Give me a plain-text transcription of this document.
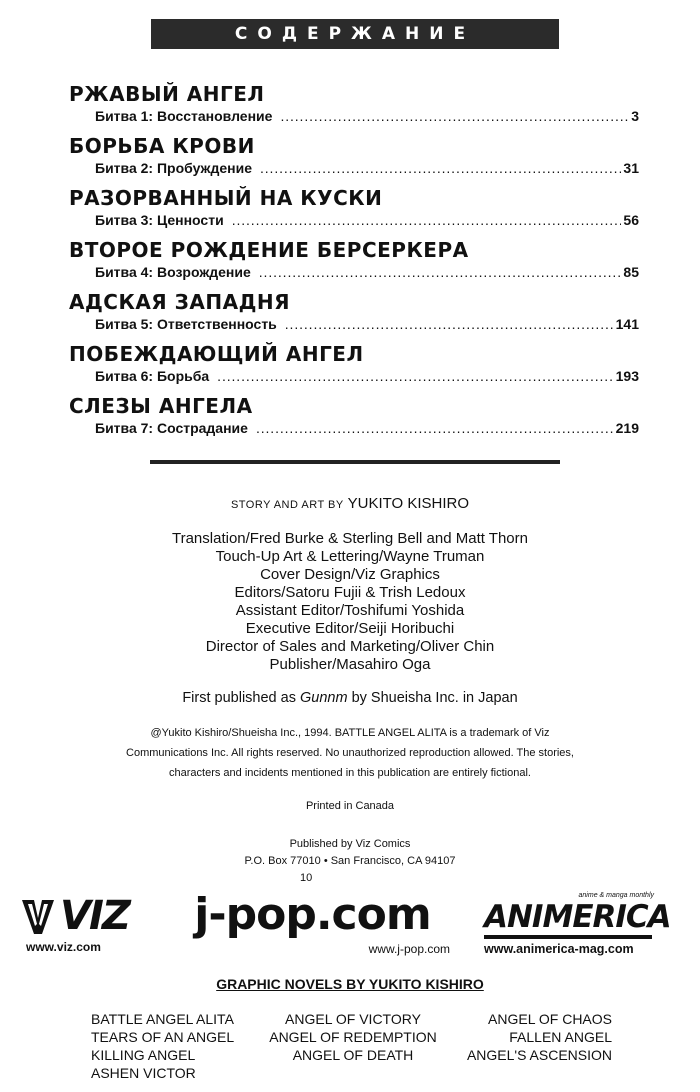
СОДЕРЖАНИЕ
РЖАВЫЙ АНГЕЛ
Битва 1: Восстановление . . .	3
БОРЬБА КРОВИ
Битва 2: Пробуждение . . .	31
РАЗОРВАННЫЙ НА КУСКИ
Битва 3: Ценности . . .	56
ВТОРОЕ РОЖДЕНИЕ БЕРСЕРКЕРА
Битва 4: Возрождение . . .	85
АДСКАЯ ЗАПАДНЯ
Битва 5: Ответственность . . .	141
ПОБЕЖДАЮЩИЙ АНГЕЛ
Битва 6: Борьба . . .	193
СЛЕЗЫ АНГЕЛА
Битва 7: Сострадание . . .	219
STORY AND ART BY YUKITO KISHIRO
Translation/Fred Burke & Sterling Bell and Matt Thorn
Touch-Up Art & Lettering/Wayne Truman
Cover Design/Viz Graphics
Editors/Satoru Fujii & Trish Ledoux
Assistant Editor/Toshifumi Yoshida
Executive Editor/Seiji Horibuchi
Director of Sales and Marketing/Oliver Chin
Publisher/Masahiro Oga
First published as Gunnm by Shueisha Inc. in Japan
@Yukito Kishiro/Shueisha Inc., 1994. BATTLE ANGEL ALITA is a trademark of Viz
Communications Inc. All rights reserved. No unauthorized reproduction allowed. The stories,
characters and incidents mentioned in this publication are entirely fictional.
Printed in Canada
Published by Viz Comics
P.O. Box 77010 • San Francisco, CA 94107
10
VIZ
www.viz.com
j-pop.com
www.j-pop.com
anime & manga monthly
ANIMERICA
www.animerica-mag.com
GRAPHIC NOVELS BY YUKITO KISHIRO
BATTLE ANGEL ALITA
TEARS OF AN ANGEL
KILLING ANGEL
ASHEN VICTOR
ANGEL OF VICTORY
ANGEL OF REDEMPTION
ANGEL OF DEATH
ANGEL OF CHAOS
FALLEN ANGEL
ANGEL'S ASCENSION
